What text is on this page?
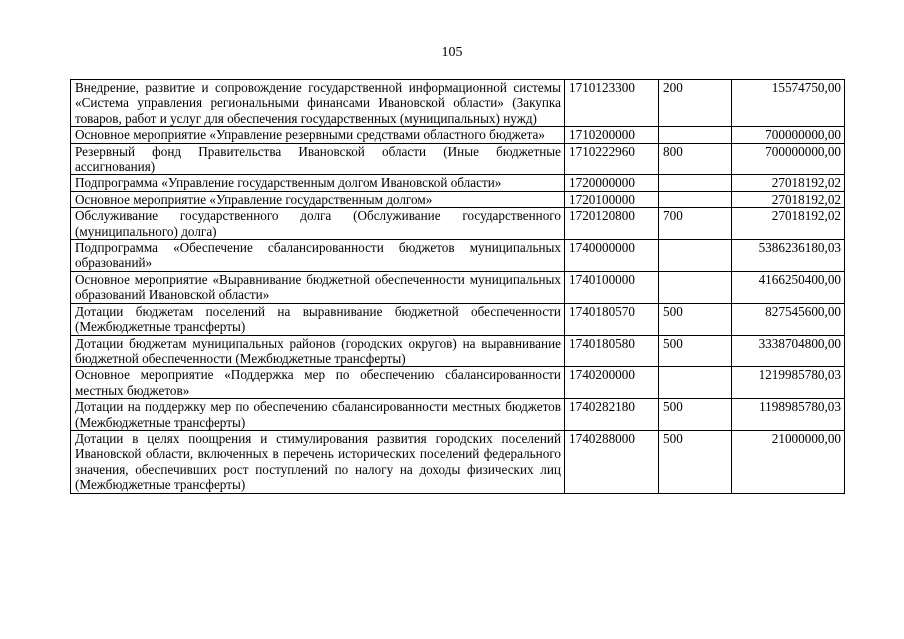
105
Внедрение, развитие и сопровождение государственной информационной системы «Система управления региональными финансами Ивановской области» (Закупка товаров, работ и услуг для обеспечения государственных (муниципальных) нужд)	1710123300	200	15574750,00
Основное мероприятие «Управление резервными средствами областного бюджета»	1710200000		700000000,00
Резервный фонд Правительства Ивановской области (Иные бюджетные ассигнования)	1710222960	800	700000000,00
Подпрограмма «Управление государственным долгом Ивановской области»	1720000000		27018192,02
Основное мероприятие «Управление государственным долгом»	1720100000		27018192,02
Обслуживание государственного долга (Обслуживание государственного (муниципального) долга)	1720120800	700	27018192,02
Подпрограмма «Обеспечение сбалансированности бюджетов муниципальных образований»	1740000000		5386236180,03
Основное мероприятие «Выравнивание бюджетной обеспеченности муниципальных образований Ивановской области»	1740100000		4166250400,00
Дотации бюджетам поселений на выравнивание бюджетной обеспеченности (Межбюджетные трансферты)	1740180570	500	827545600,00
Дотации бюджетам муниципальных районов (городских округов) на выравнивание бюджетной обеспеченности (Межбюджетные трансферты)	1740180580	500	3338704800,00
Основное мероприятие «Поддержка мер по обеспечению сбалансированности местных бюджетов»	1740200000		1219985780,03
Дотации на поддержку мер по обеспечению сбалансированности местных бюджетов (Межбюджетные трансферты)	1740282180	500	1198985780,03
Дотации в целях поощрения и стимулирования развития городских поселений Ивановской области, включенных в перечень исторических поселений федерального значения, обеспечивших рост поступлений по налогу на доходы физических лиц (Межбюджетные трансферты)	1740288000	500	21000000,00
